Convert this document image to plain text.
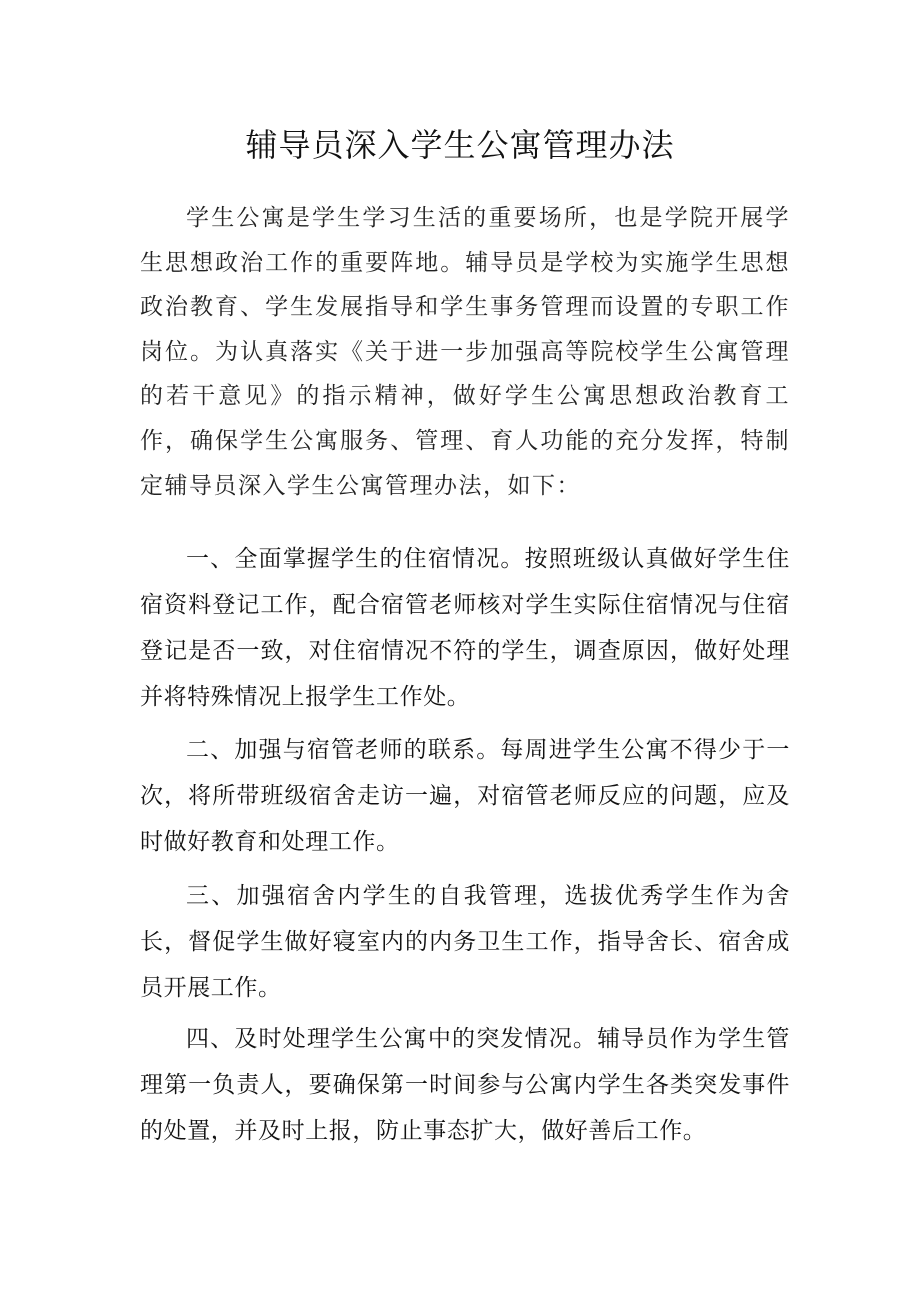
辅导员深入学生公寓管理办法

学生公寓是学生学习生活的重要场所，也是学院开展学生思想政治工作的重要阵地。辅导员是学校为实施学生思想政治教育、学生发展指导和学生事务管理而设置的专职工作岗位。为认真落实《关于进一步加强高等院校学生公寓管理的若干意见》的指示精神，做好学生公寓思想政治教育工作，确保学生公寓服务、管理、育人功能的充分发挥，特制定辅导员深入学生公寓管理办法，如下：

一、全面掌握学生的住宿情况。按照班级认真做好学生住宿资料登记工作，配合宿管老师核对学生实际住宿情况与住宿登记是否一致，对住宿情况不符的学生，调查原因，做好处理并将特殊情况上报学生工作处。

二、加强与宿管老师的联系。每周进学生公寓不得少于一次，将所带班级宿舍走访一遍，对宿管老师反应的问题，应及时做好教育和处理工作。

三、加强宿舍内学生的自我管理，选拔优秀学生作为舍长，督促学生做好寝室内的内务卫生工作，指导舍长、宿舍成员开展工作。

四、及时处理学生公寓中的突发情况。辅导员作为学生管理第一负责人，要确保第一时间参与公寓内学生各类突发事件的处置，并及时上报，防止事态扩大，做好善后工作。
